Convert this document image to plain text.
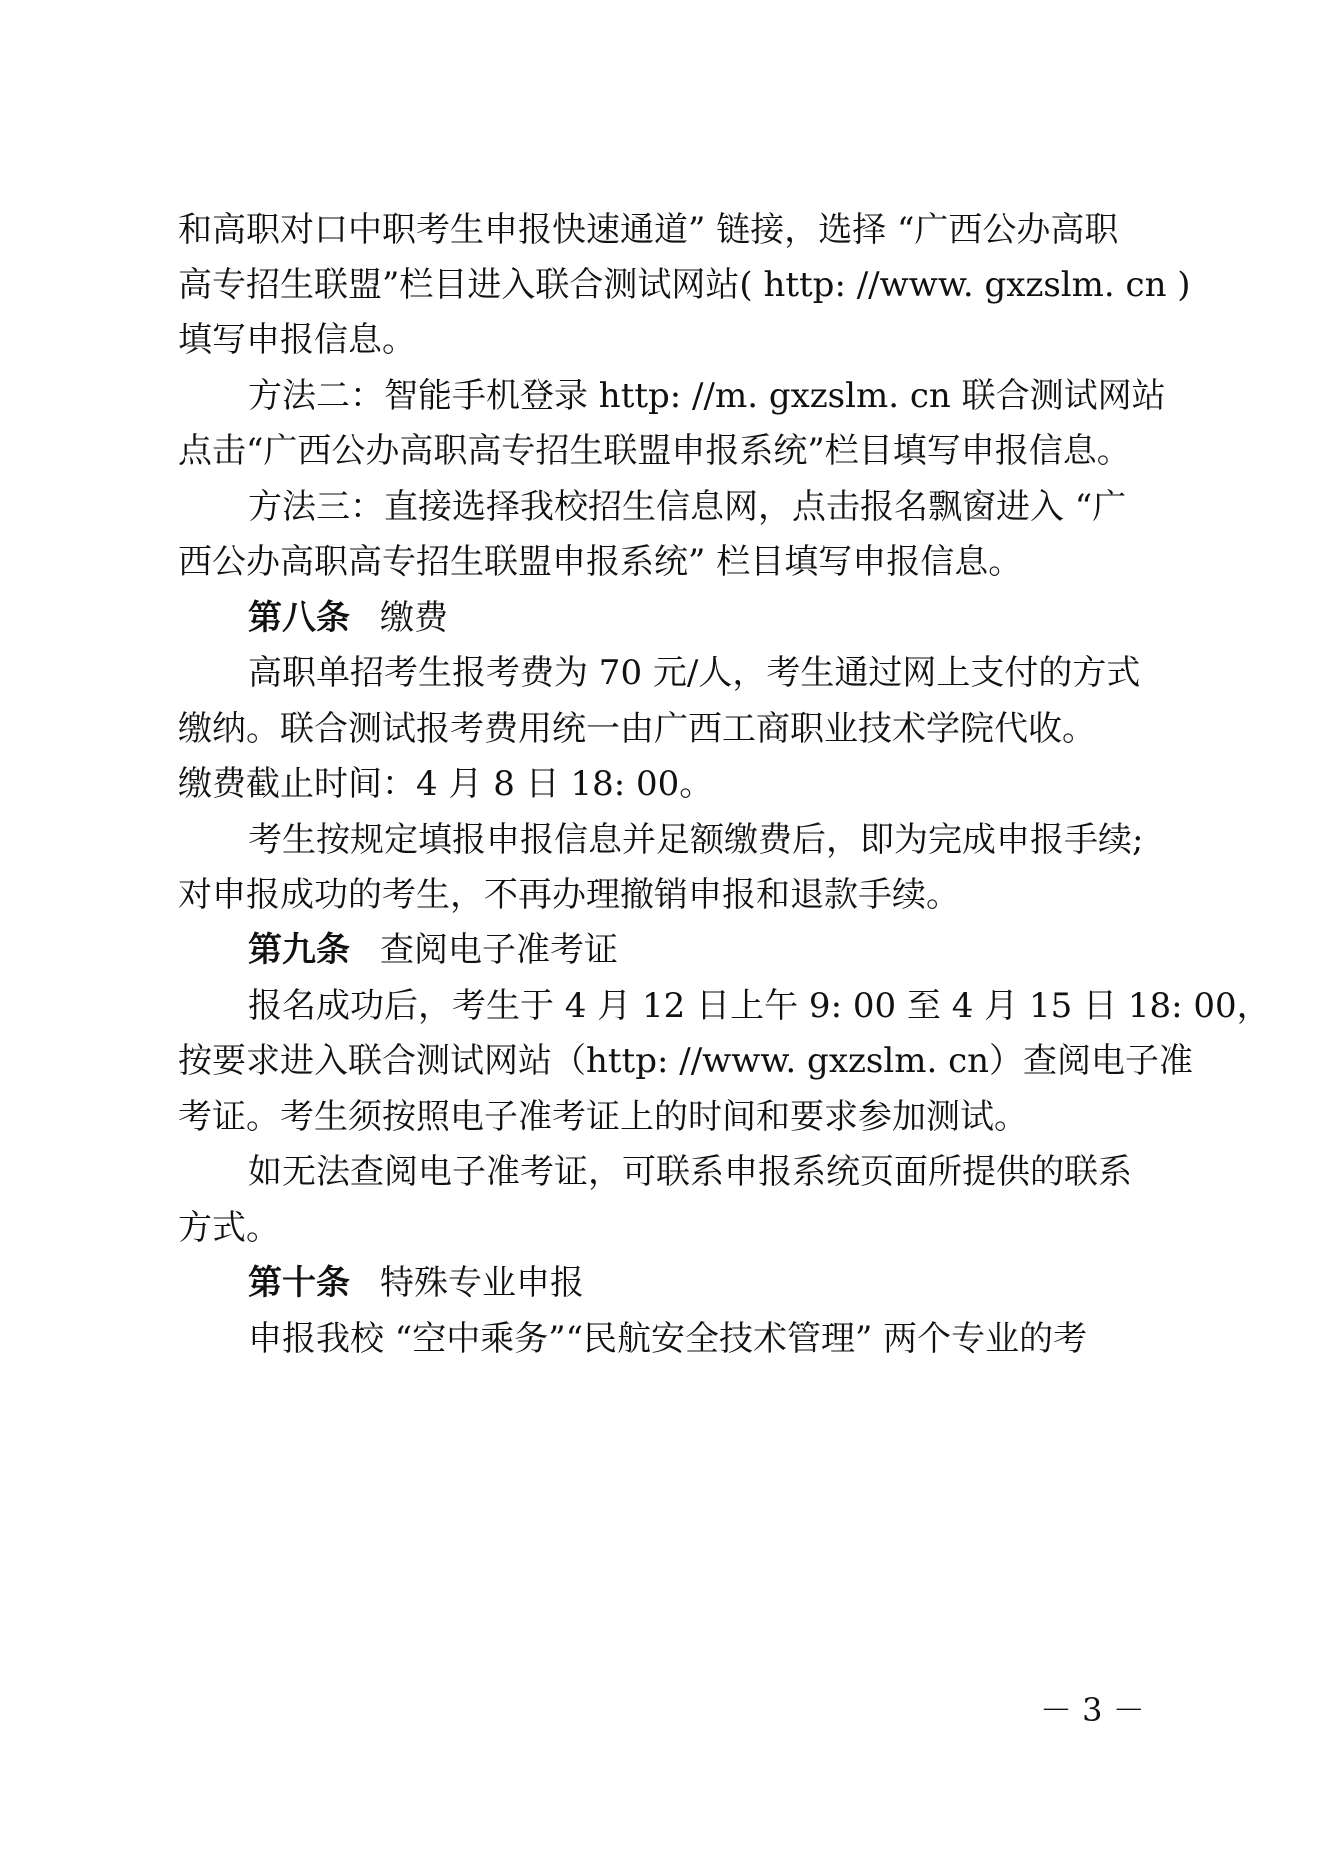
和高职对口中职考生申报快速通道” 链接，选择 “广西公办高职
高专招生联盟”栏目进入联合测试网站( http: //www. gxzslm. cn )
填写申报信息。
方法二：智能手机登录 http: //m. gxzslm. cn 联合测试网站
点击“广西公办高职高专招生联盟申报系统”栏目填写申报信息。
方法三：直接选择我校招生信息网，点击报名飘窗进入 “广
西公办高职高专招生联盟申报系统” 栏目填写申报信息。
第八条 缴费
高职单招考生报考费为 70 元/人，考生通过网上支付的方式
缴纳。联合测试报考费用统一由广西工商职业技术学院代收。
缴费截止时间：4 月 8 日 18: 00。
考生按规定填报申报信息并足额缴费后，即为完成申报手续;
对申报成功的考生，不再办理撤销申报和退款手续。
第九条 查阅电子准考证
报名成功后，考生于 4 月 12 日上午 9: 00 至 4 月 15 日 18: 00，
按要求进入联合测试网站（http: //www. gxzslm. cn）查阅电子准
考证。考生须按照电子准考证上的时间和要求参加测试。
如无法查阅电子准考证，可联系申报系统页面所提供的联系
方式。
第十条 特殊专业申报
申报我校 “空中乘务”“民航安全技术管理” 两个专业的考
－ 3 －
